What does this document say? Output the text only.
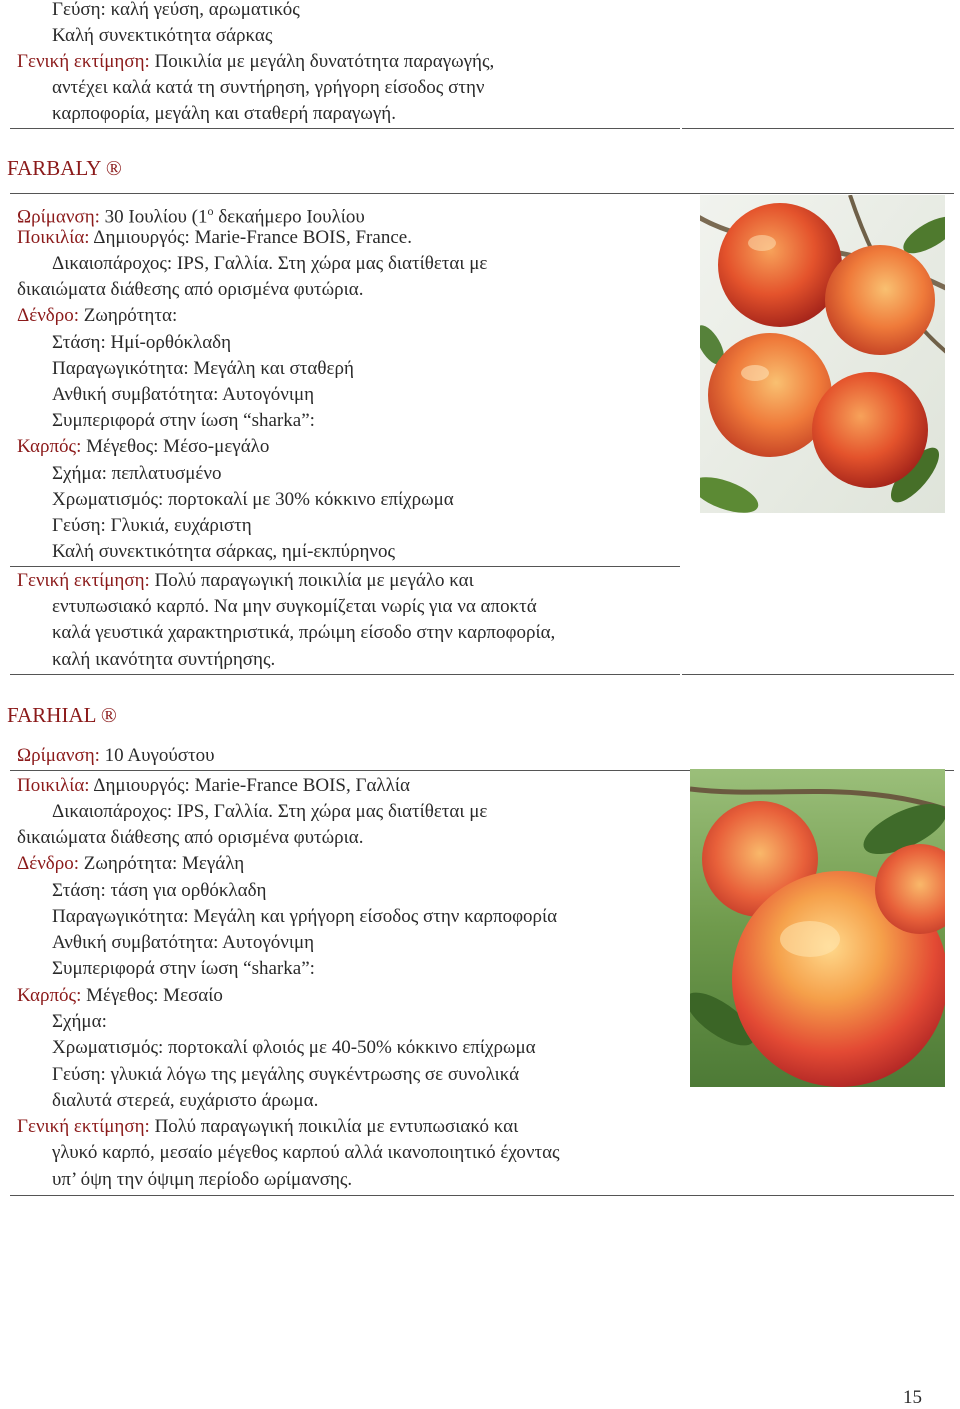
Γεύση: καλή γεύση, αρωματικός
Καλή συνεκτικότητα σάρκας
Γενική εκτίμηση: Ποικιλία με μεγάλη δυνατότητα παραγωγής,
αντέχει καλά κατά τη συντήρηση, γρήγορη είσοδος στην
καρποφορία, μεγάλη και σταθερή παραγωγή.
FARBALY ®
Ωρίμανση: 30 Ιουλίου ($1^o$ δεκαήμερο Ιουλίου
Ποικιλία: Δημιουργός: Marie-France BOIS, France.
Δικαιοπάροχος: IPS, Γαλλία. Στη χώρα μας διατίθεται με
δικαιώματα διάθεσης από ορισμένα φυτώρια.
Δένδρο: Ζωηρότητα:
Στάση: Ημί-ορθόκλαδη
Παραγωγικότητα: Μεγάλη και σταθερή
Ανθική συμβατότητα: Αυτογόνιμη
Συμπεριφορά στην ίωση “sharka”:
Καρπός: Μέγεθος: Μέσο-μεγάλο
Σχήμα: πεπλατυσμένο
Χρωματισμός: πορτοκαλί με 30% κόκκινο επίχρωμα
Γεύση: Γλυκιά, ευχάριστη
Καλή συνεκτικότητα σάρκας, ημί-εκπύρηνος
Γενική εκτίμηση: Πολύ παραγωγική ποικιλία με μεγάλο και
εντυπωσιακό καρπό. Να μην συγκομίζεται νωρίς για να αποκτά
καλά γευστικά χαρακτηριστικά, πρώιμη είσοδο στην καρποφορία,
καλή ικανότητα συντήρησης.
FARHIAL ®
Ωρίμανση: 10 Αυγούστου
Ποικιλία: Δημιουργός: Marie-France BOIS, Γαλλία
Δικαιοπάροχος: IPS, Γαλλία. Στη χώρα μας διατίθεται με
δικαιώματα διάθεσης από ορισμένα φυτώρια.
Δένδρο: Ζωηρότητα: Μεγάλη
Στάση: τάση για ορθόκλαδη
Παραγωγικότητα: Μεγάλη και γρήγορη είσοδος στην καρποφορία
Ανθική συμβατότητα: Αυτογόνιμη
Συμπεριφορά στην ίωση “sharka”:
Καρπός: Μέγεθος: Μεσαίο
Σχήμα:
Χρωματισμός: πορτοκαλί φλοιός με 40-50% κόκκινο επίχρωμα
Γεύση: γλυκιά λόγω της μεγάλης συγκέντρωσης σε συνολικά
διαλυτά στερεά, ευχάριστο άρωμα.
Γενική εκτίμηση: Πολύ παραγωγική ποικιλία με εντυπωσιακό και
γλυκό καρπό, μεσαίο μέγεθος καρπού αλλά ικανοποιητικό έχοντας
υπ’ όψη την όψιμη περίοδο ωρίμανσης.
15
